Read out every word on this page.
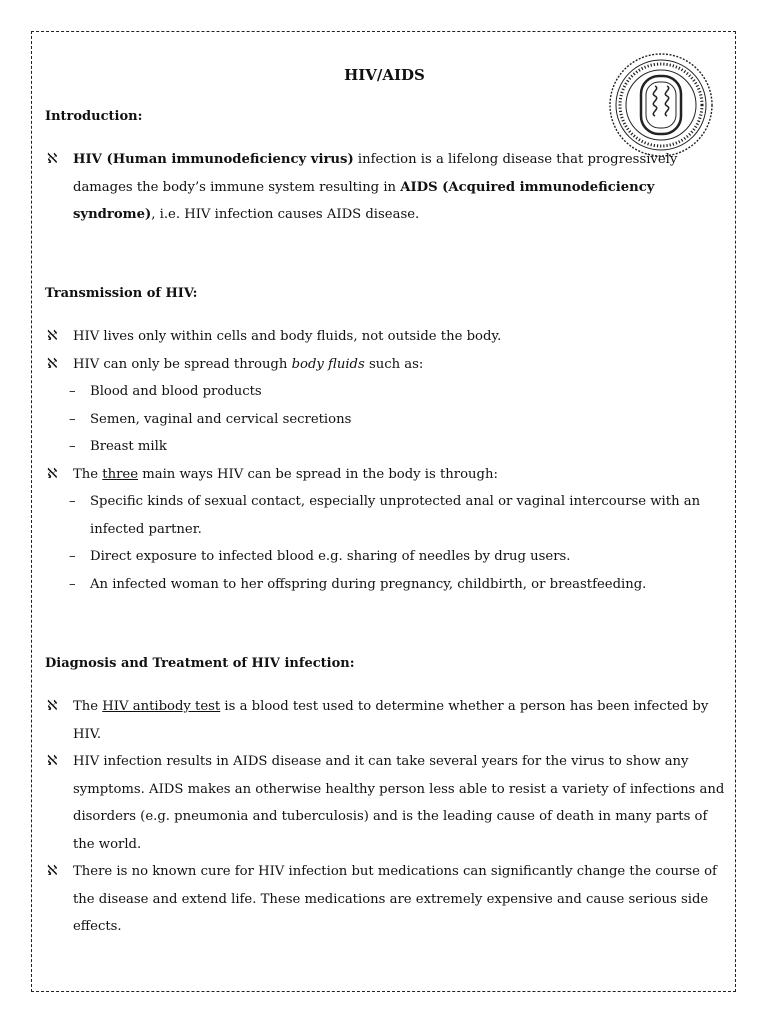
HIV/AIDS
Introduction:
ℵ HIV (Human immunodeficiency virus) infection is a lifelong disease that progressively damages the body’s immune system resulting in AIDS (Acquired immunodeficiency syndrome), i.e. HIV infection causes AIDS disease.
Transmission of HIV:
ℵ HIV lives only within cells and body fluids, not outside the body.
ℵ HIV can only be spread through body fluids such as:
– Blood and blood products
– Semen, vaginal and cervical secretions
– Breast milk
ℵ The three main ways HIV can be spread in the body is through:
– Specific kinds of sexual contact, especially unprotected anal or vaginal intercourse with an infected partner.
– Direct exposure to infected blood e.g. sharing of needles by drug users.
– An infected woman to her offspring during pregnancy, childbirth, or breastfeeding.
Diagnosis and Treatment of HIV infection:
ℵ The HIV antibody test is a blood test used to determine whether a person has been infected by HIV.
ℵ HIV infection results in AIDS disease and it can take several years for the virus to show any symptoms. AIDS makes an otherwise healthy person less able to resist a variety of infections and disorders (e.g. pneumonia and tuberculosis) and is the leading cause of death in many parts of the world.
ℵ There is no known cure for HIV infection but medications can significantly change the course of the disease and extend life. These medications are extremely expensive and cause serious side effects.
